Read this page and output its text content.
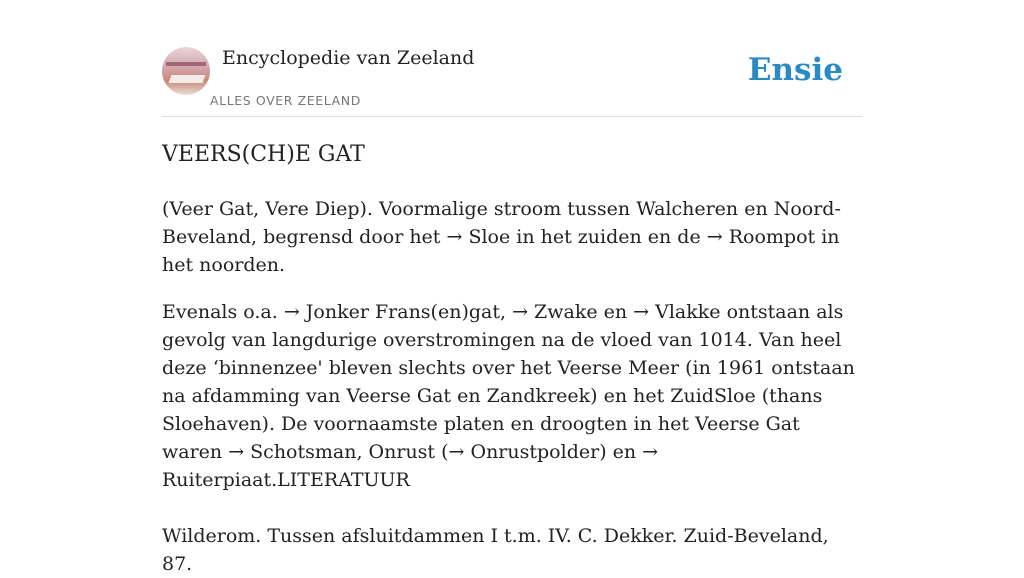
Encyclopedie van Zeeland
ALLES OVER ZEELAND
Ensie
VEERS(CH)E GAT

(Veer Gat, Vere Diep). Voormalige stroom tussen Walcheren en Noord-Beveland, begrensd door het → Sloe in het zuiden en de → Roompot in het noorden.

Evenals o.a. → Jonker Frans(en)gat, → Zwake en → Vlakke ontstaan als gevolg van langdurige overstromingen na de vloed van 1014. Van heel deze ‘binnenzee' bleven slechts over het Veerse Meer (in 1961 ontstaan na afdamming van Veerse Gat en Zandkreek) en het ZuidSloe (thans Sloehaven). De voornaamste platen en droogten in het Veerse Gat waren → Schotsman, Onrust (→ Onrustpolder) en → Ruiterpiaat.LITERATUUR

Wilderom. Tussen afsluitdammen I t.m. IV. C. Dekker. Zuid-Beveland, 87.
